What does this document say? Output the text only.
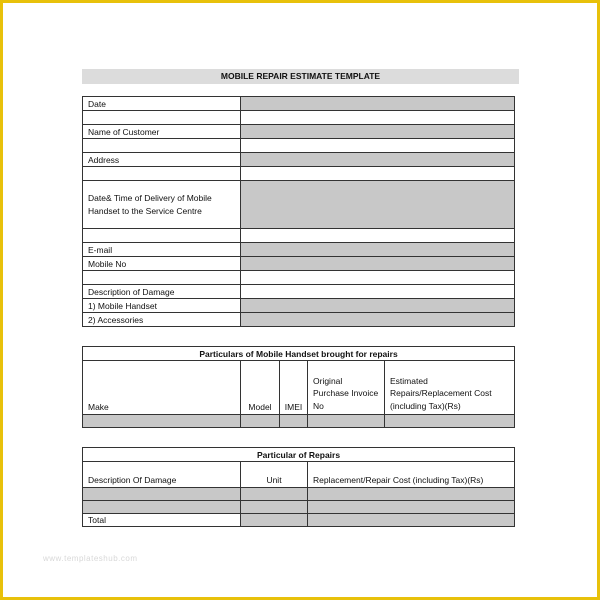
MOBILE REPAIR ESTIMATE TEMPLATE
Date	

Name of Customer	

Address	

Date& Time of Delivery of Mobile Handset to the Service Centre	

E-mail	
Mobile No	

Description of Damage	
1) Mobile Handset	
2) Accessories	
Particulars of Mobile Handset brought for repairs				
Make	Model	IMEI	Original Purchase Invoice No	Estimated Repairs/Replacement Cost (including Tax)(Rs)

Particular of Repairs		
Description Of Damage	Unit	Replacement/Repair Cost (including Tax)(Rs)

Total		
www.templateshub.com
